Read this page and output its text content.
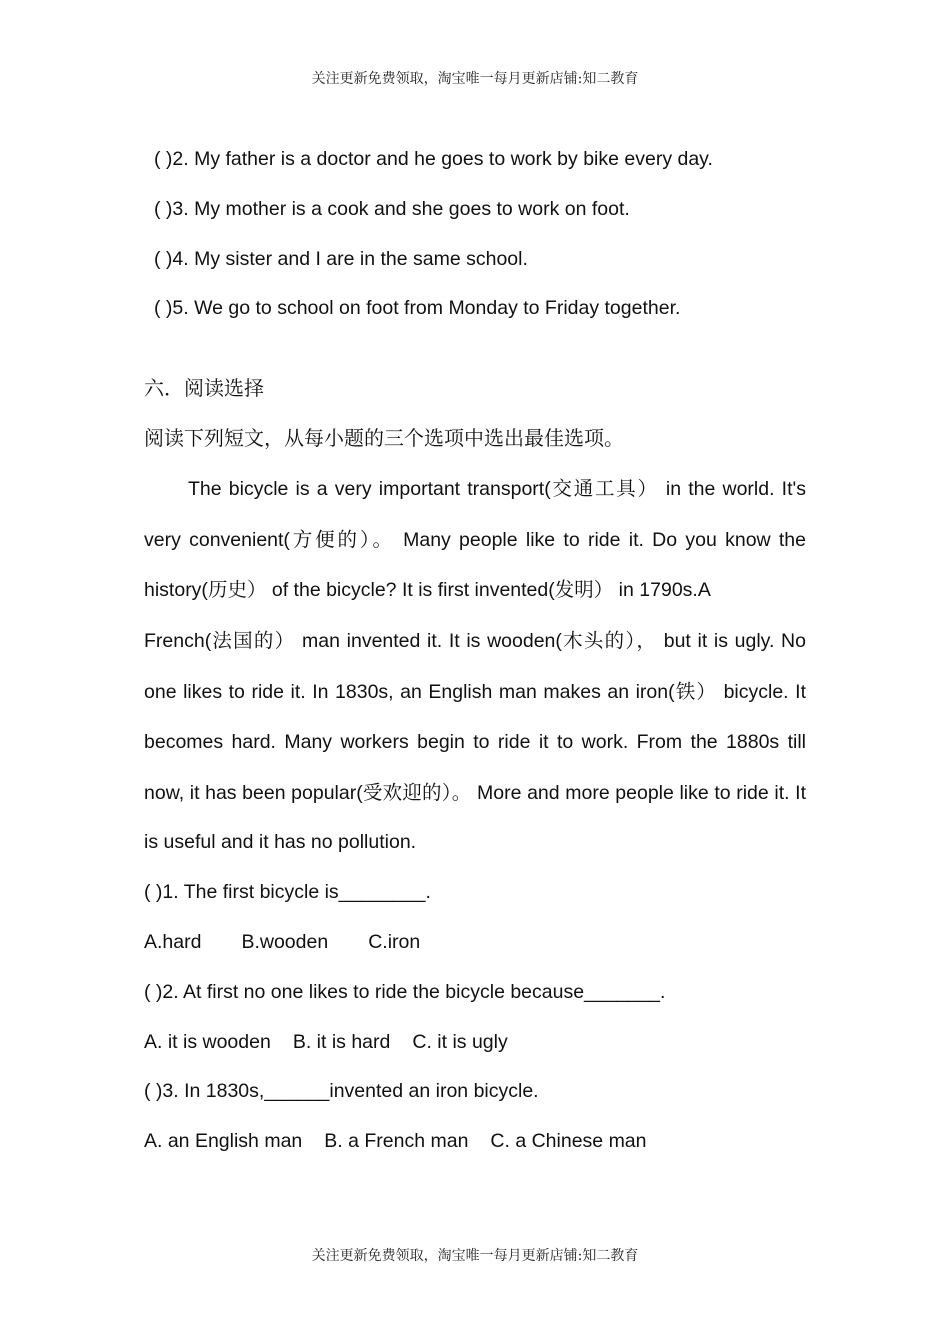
关注更新免费领取，淘宝唯一每月更新店铺:知二教育
( )2. My father is a doctor and he goes to work by bike every day.
( )3. My mother is a cook and she goes to work on foot.
( )4. My sister and I are in the same school.
( )5. We go to school on foot from Monday to Friday together.
六．阅读选择
阅读下列短文，从每小题的三个选项中选出最佳选项。

The bicycle is a very important transport(交通工具） in the world. It's very convenient(方便的）。 Many people like to ride it. Do you know the history(历史） of the bicycle? It is first invented(发明） in 1790s.A

French(法国的） man invented it. It is wooden(木头的）， but it is ugly. No one likes to ride it. In 1830s, an English man makes an iron(铁） bicycle. It becomes hard. Many workers begin to ride it to work. From the 1880s till now, it has been popular(受欢迎的）。 More and more people like to ride it. It is useful and it has no pollution.

( )1. The first bicycle is________.
A.hard B.wooden C.iron
( )2. At first no one likes to ride the bicycle because_______.
A. it is wooden B. it is hard C. it is ugly
( )3. In 1830s,______invented an iron bicycle.
A. an English man B. a French man C. a Chinese man
关注更新免费领取，淘宝唯一每月更新店铺:知二教育
